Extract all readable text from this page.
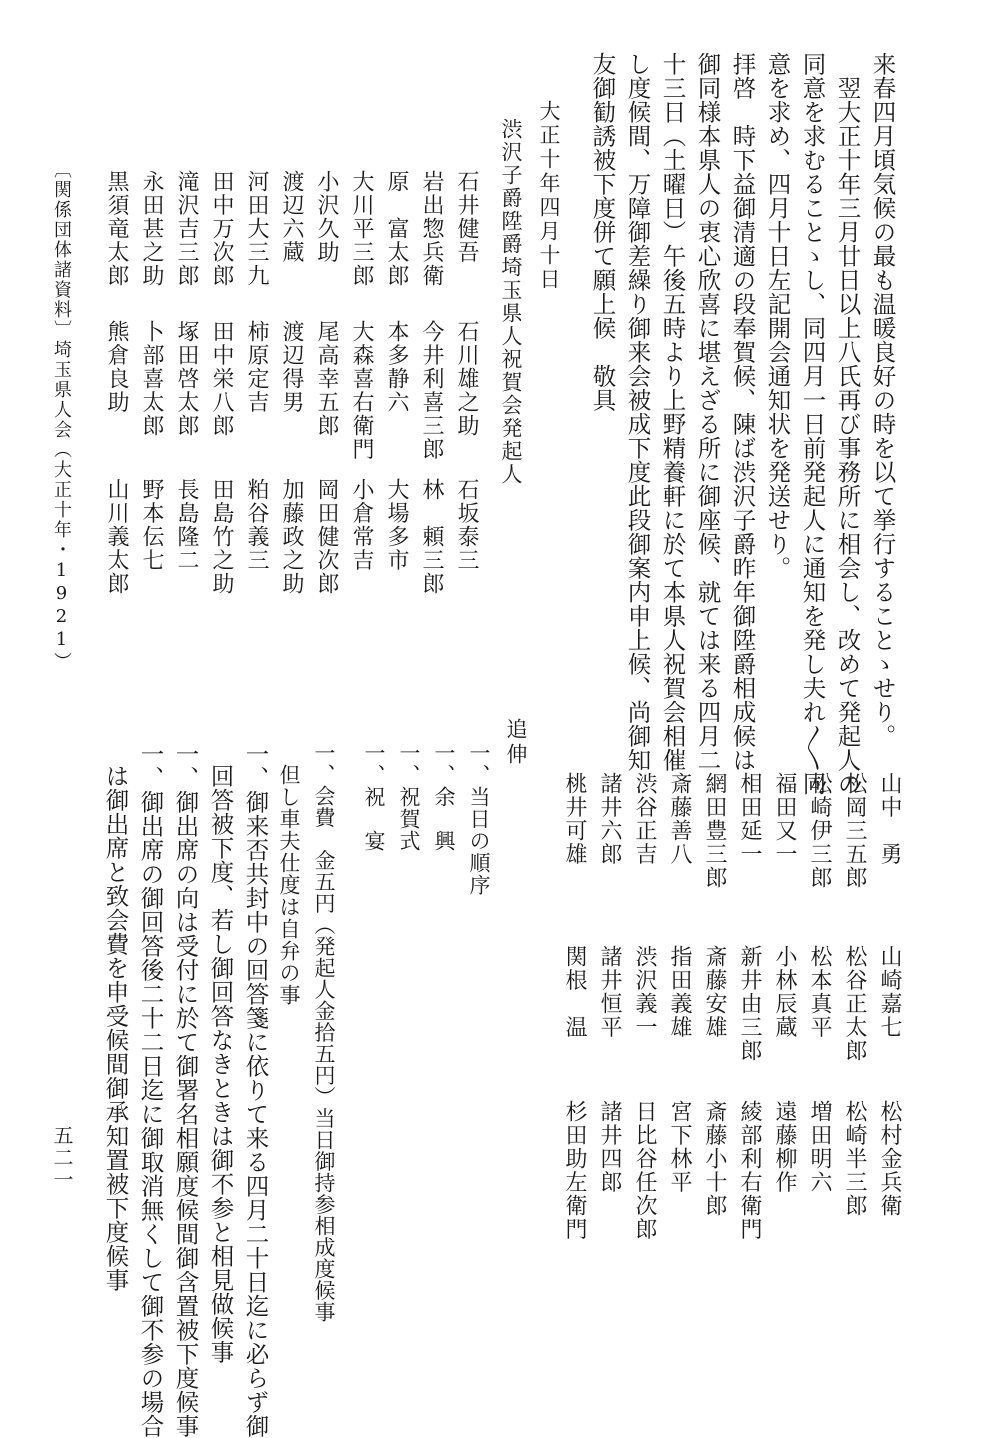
来春四月頃気候の最も温暖良好の時を以て挙行することゝせり。
翌大正十年三月廿日以上八氏再び事務所に相会し、改めて発起人の
同意を求むることゝし、同四月一日前発起人に通知を発し夫れ〳〵同
意を求め、四月十日左記開会通知状を発送せり。
拝啓　時下益御清適の段奉賀候、陳ば渋沢子爵昨年御陞爵相成候は
御同様本県人の衷心欣喜に堪えざる所に御座候、就ては来る四月二
十三日（土曜日）午後五時より上野精養軒に於て本県人祝賀会相催
し度候間、万障御差繰り御来会被成下度此段御案内申上候、尚御知
友御勧誘被下度併て願上候　敬具
大正十年四月十日
渋沢子爵陞爵埼玉県人祝賀会発起人
石井健吾
石川雄之助
石坂泰三
岩出惣兵衛
今井利喜三郎
林　頼三郎
原　富太郎
本多静六
大場多市
大川平三郎
大森喜右衛門
小倉常吉
小沢久助
尾高幸五郎
岡田健次郎
渡辺六蔵
渡辺得男
加藤政之助
河田大三九
柿原定吉
粕谷義三
田中万次郎
田中栄八郎
田島竹之助
滝沢吉三郎
塚田啓太郎
長島隆二
永田甚之助
卜部喜太郎
野本伝七
黒須竜太郎
熊倉良助
山川義太郎
〔関係団体諸資料〕
埼玉県人会（大正十年・1921）
山中　勇
山崎嘉七
松村金兵衛
松岡三五郎
松谷正太郎
松崎半三郎
松崎伊三郎
松本真平
増田明六
福田又一
小林辰蔵
遠藤柳作
相田延一
新井由三郎
綾部利右衛門
網田豊三郎
斎藤安雄
斎藤小十郎
斎藤善八
指田義雄
宮下林平
渋谷正吉
渋沢義一
日比谷任次郎
諸井六郎
諸井恒平
諸井四郎
桃井可雄
関根　温
杉田助左衛門
追伸
一、当日の順序
一、余　興
一、祝賀式
一、祝　宴
一、会費　金五円（発起人金拾五円）当日御持参相成度候事
但し車夫仕度は自弁の事
一、御来否共封中の回答箋に依りて来る四月二十日迄に必らず御
回答被下度、若し御回答なきときは御不参と相見做候事
一、御出席の向は受付に於て御署名相願度候間御含置被下度候事
一、御出席の御回答後二十二日迄に御取消無くして御不参の場合
は御出席と致会費を申受候間御承知置被下度候事
五二一
